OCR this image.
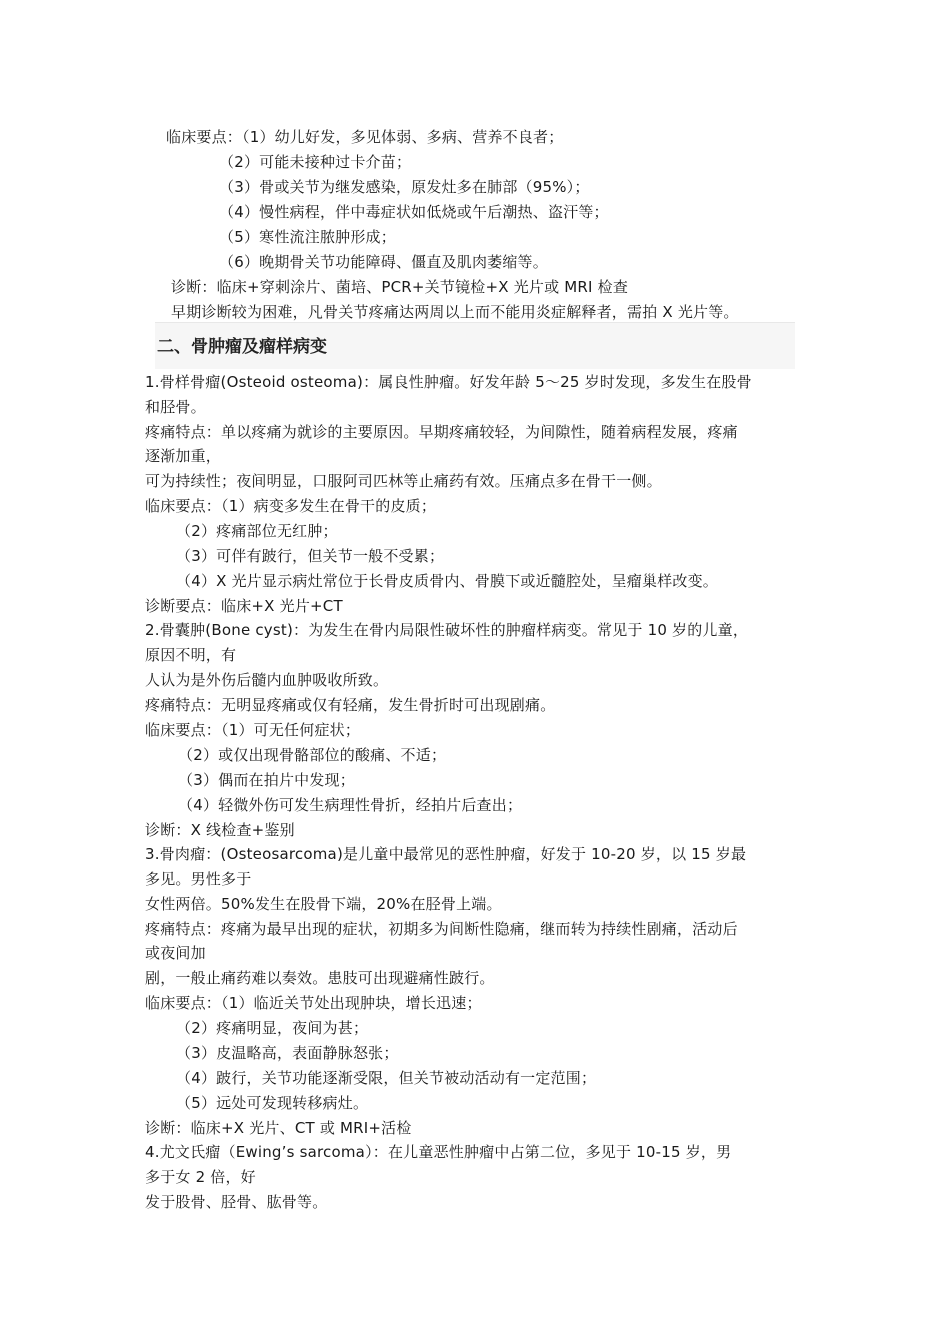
临床要点：（1）幼儿好发，多见体弱、多病、营养不良者；

（2）可能未接种过卡介苗；

（3）骨或关节为继发感染，原发灶多在肺部（95%）；

（4）慢性病程，伴中毒症状如低烧或午后潮热、盗汗等；

（5）寒性流注脓肿形成；

（6）晚期骨关节功能障碍、僵直及肌肉萎缩等。

诊断：临床+穿刺涂片、菌培、PCR+关节镜检+X 光片或 MRI 检查

早期诊断较为困难，凡骨关节疼痛达两周以上而不能用炎症解释者，需拍 X 光片等。

二、骨肿瘤及瘤样病变

1.骨样骨瘤(Osteoid osteoma)：属良性肿瘤。好发年龄 5～25 岁时发现，多发生在股骨

和胫骨。

疼痛特点：单以疼痛为就诊的主要原因。早期疼痛较轻，为间隙性，随着病程发展，疼痛

逐渐加重，

可为持续性；夜间明显，口服阿司匹林等止痛药有效。压痛点多在骨干一侧。

临床要点：（1）病变多发生在骨干的皮质；

（2）疼痛部位无红肿；

（3）可伴有跛行，但关节一般不受累；

（4）X 光片显示病灶常位于长骨皮质骨内、骨膜下或近髓腔处，呈瘤巢样改变。

诊断要点：临床+X 光片+CT

2.骨囊肿(Bone cyst)：为发生在骨内局限性破坏性的肿瘤样病变。常见于 10 岁的儿童，

原因不明，有

人认为是外伤后髓内血肿吸收所致。

疼痛特点：无明显疼痛或仅有轻痛，发生骨折时可出现剧痛。

临床要点：（1）可无任何症状；

（2）或仅出现骨骼部位的酸痛、不适；

（3）偶而在拍片中发现；

（4）轻微外伤可发生病理性骨折，经拍片后查出；

诊断：X 线检查+鉴别

3.骨肉瘤：(Osteosarcoma)是儿童中最常见的恶性肿瘤，好发于 10-20 岁，以 15 岁最

多见。男性多于

女性两倍。50%发生在股骨下端，20%在胫骨上端。

疼痛特点：疼痛为最早出现的症状，初期多为间断性隐痛，继而转为持续性剧痛，活动后

或夜间加

剧，一般止痛药难以奏效。患肢可出现避痛性跛行。

临床要点：（1）临近关节处出现肿块，增长迅速；

（2）疼痛明显，夜间为甚；

（3）皮温略高，表面静脉怒张；

（4）跛行，关节功能逐渐受限，但关节被动活动有一定范围；

（5）远处可发现转移病灶。

诊断：临床+X 光片、CT 或 MRI+活检

4.尤文氏瘤（Ewing’s sarcoma）：在儿童恶性肿瘤中占第二位，多见于 10-15 岁，男

多于女 2 倍，好

发于股骨、胫骨、肱骨等。
